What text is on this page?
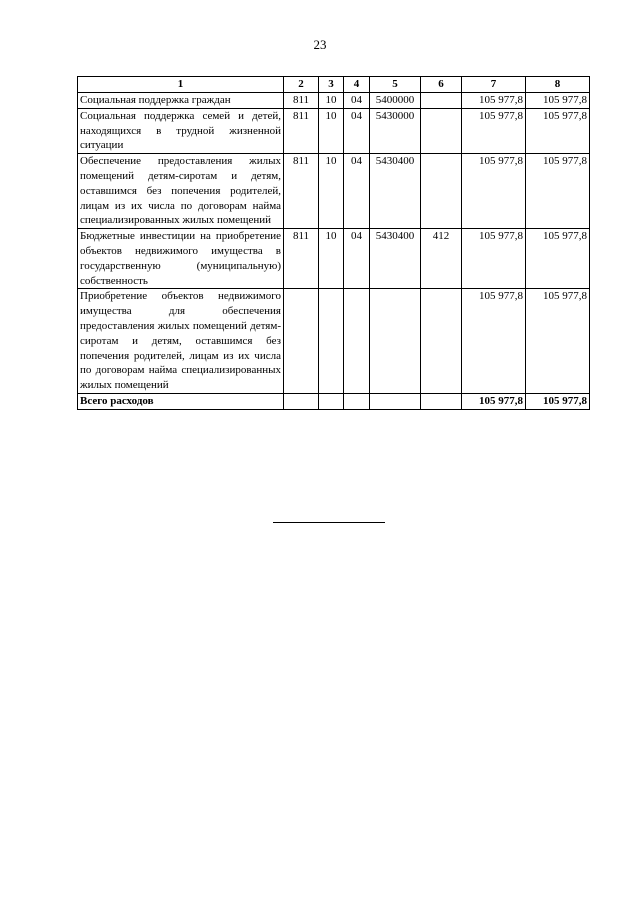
23
1	2	3	4	5	6	7	8
Социальная поддержка граждан	811	10	04	5400000		105 977,8	105 977,8
Социальная поддержка семей и детей, находящихся в трудной жизненной ситуации	811	10	04	5430000		105 977,8	105 977,8
Обеспечение предоставления жилых помещений детям-сиротам и детям, оставшимся без попечения родителей, лицам из их числа по договорам найма специализированных жилых помещений	811	10	04	5430400		105 977,8	105 977,8
Бюджетные инвестиции на приобретение объектов недвижимого имущества в государственную (муниципальную) собственность	811	10	04	5430400	412	105 977,8	105 977,8
Приобретение объектов недвижимого имущества для обеспечения предоставления жилых помещений детям-сиротам и детям, оставшимся без попечения родителей, лицам из их числа по договорам найма специализированных жилых помещений						105 977,8	105 977,8
Всего расходов						105 977,8	105 977,8
